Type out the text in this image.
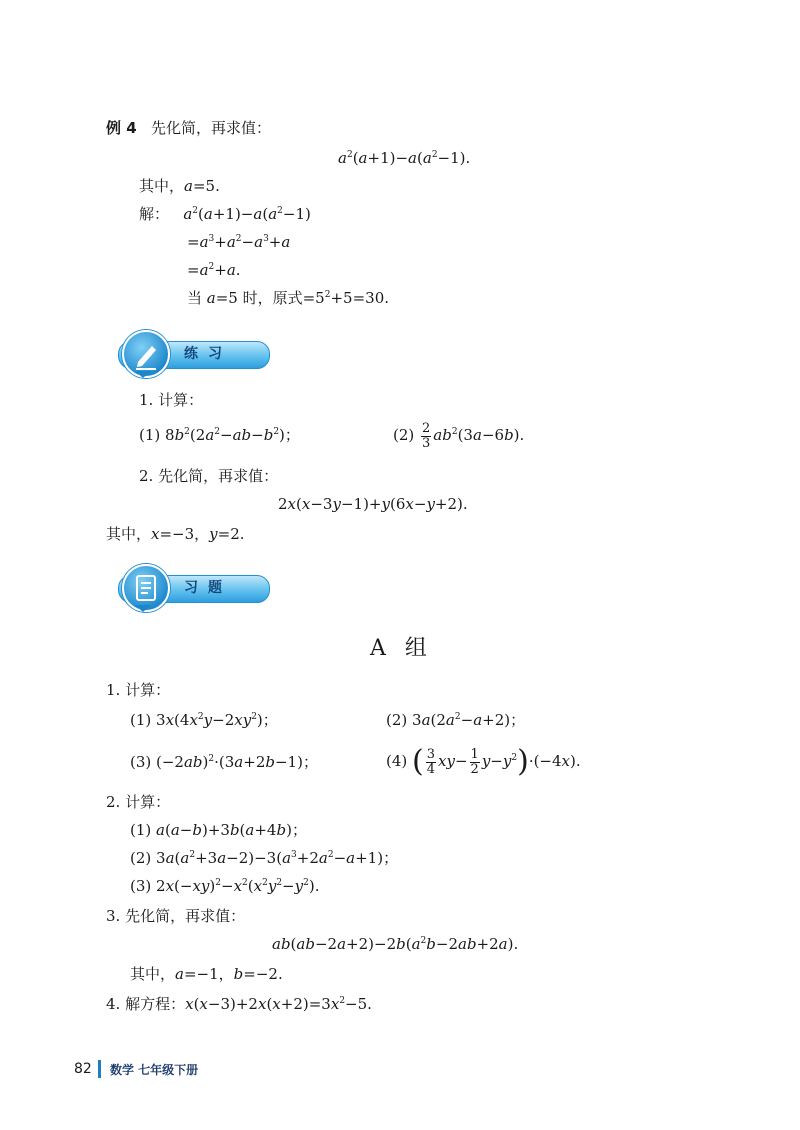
例 4 先化简，再求值：
$a^2(a+1)-a(a^2-1)$.
其中，a=5.
解： $a^2(a+1)-a(a^2-1)$
$=a^3+a^2-a^3+a$
$=a^2+a$.
当 a=5 时，原式$=5^2+5=30$.
练习
1. 计算：
(1) $8b^2(2a^2-ab-b^2)$；	$(2) \frac{2}{3} ab^2(3a-6b)$.
2. 先化简，再求值：
2x(x−3y−1)+y(6x−y+2).
其中，x=−3，y=2.
习题
A 组
1. 计算：
(1) $3x(4x^2y-2xy^2)$；	(2) $3a(2a^2-a+2)$；
(3) $(-2ab)^2\cdot(3a+2b-1)$；	(4) ( $\frac{3}{4} xy- \frac{1}{2} y-y^2)\cdot(-4x)$.
2. 计算：
(1) a(a−b)+3b(a+4b)；
(2) $3a(a^2+3a-2)-3(a^3+2a^2-a+1)$；
(3) $2x(-xy)^2-x^2(x^2y^2-y^2)$.
3. 先化简，再求值：
$ab(ab-2a+2)-2b(a^2b-2ab+2a)$.
其中，a=−1，b=−2.
4. 解方程：$x(x-3)+2x(x+2)=3x^2-5$.
82 数学 七年级下册
